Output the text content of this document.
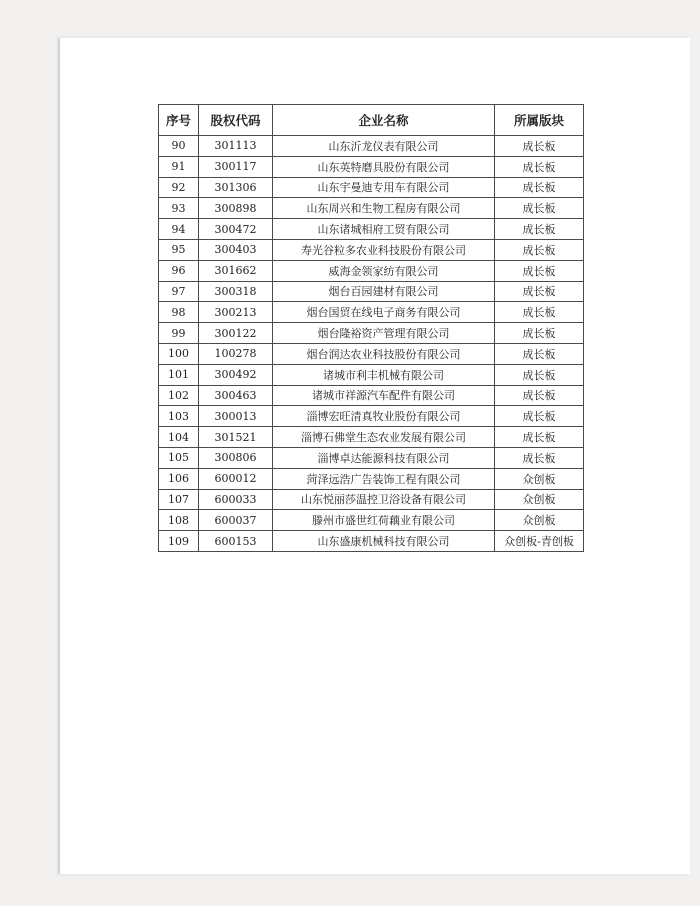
序号	股权代码	企业名称	所属版块
90	301113	山东沂龙仪表有限公司	成长板
91	300117	山东英特磨具股份有限公司	成长板
92	301306	山东宇曼迪专用车有限公司	成长板
93	300898	山东周兴和生物工程房有限公司	成长板
94	300472	山东诸城相府工贸有限公司	成长板
95	300403	寿光谷粒多农业科技股份有限公司	成长板
96	301662	威海金领家纺有限公司	成长板
97	300318	烟台百园建材有限公司	成长板
98	300213	烟台国贸在线电子商务有限公司	成长板
99	300122	烟台隆裕资产管理有限公司	成长板
100	100278	烟台润达农业科技股份有限公司	成长板
101	300492	诸城市利丰机械有限公司	成长板
102	300463	诸城市祥源汽车配件有限公司	成长板
103	300013	淄博宏旺清真牧业股份有限公司	成长板
104	301521	淄博石佛堂生态农业发展有限公司	成长板
105	300806	淄博卓达能源科技有限公司	成长板
106	600012	菏泽远浩广告装饰工程有限公司	众创板
107	600033	山东悦丽莎温控卫浴设备有限公司	众创板
108	600037	滕州市盛世红荷藕业有限公司	众创板
109	600153	山东盛康机械科技有限公司	众创板-青创板
